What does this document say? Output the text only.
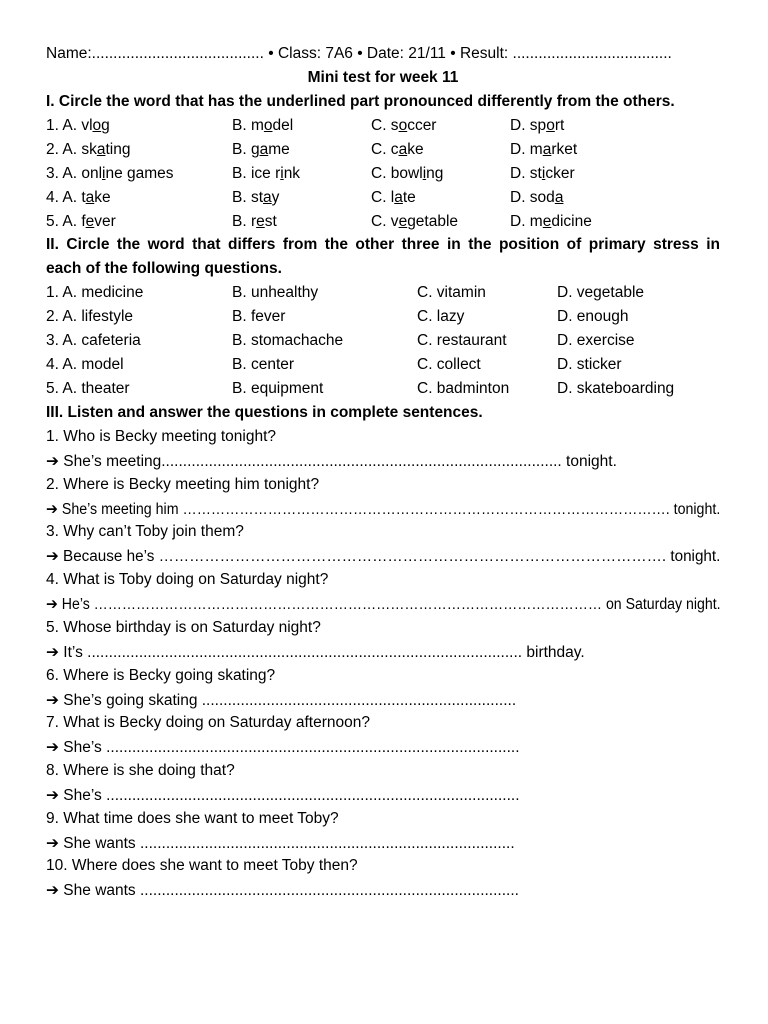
Name:........................................ • Class: 7A6 • Date: 21/11 • Result: .....................................
Mini test for week 11
I. Circle the word that has the underlined part pronounced differently from the others.
1. A. vlog	B. model	C. soccer	D. sport
2. A. skating	B. game	C. cake	D. market
3. A. online games	B. ice rink	C. bowling	D. sticker
4. A. take	B. stay	C. late	D. soda
5. A. fever	B. rest	C. vegetable	D. medicine
II. Circle the word that differs from the other three in the position of primary stress in
each of the following questions.
1. A. medicine	B. unhealthy	C. vitamin	D. vegetable
2. A. lifestyle	B. fever	C. lazy	D. enough
3. A. cafeteria	B. stomachache	C. restaurant	D. exercise
4. A. model	B. center	C. collect	D. sticker
5. A. theater	B. equipment	C. badminton	D. skateboarding
III. Listen and answer the questions in complete sentences.
1. Who is Becky meeting tonight?
➔ She’s meeting............................................................................................. tonight.
2. Where is Becky meeting him tonight?
➔ She’s meeting him …………………………………………………………………………………………. tonight.
3. Why can’t Toby join them?
➔ Because he’s ………………………………………………………………………………………. tonight.
4. What is Toby doing on Saturday night?
➔ He’s ……………………………………………………………………………………………… on Saturday night.
5. Whose birthday is on Saturday night?
➔ It’s ..................................................................................................... birthday.
6. Where is Becky going skating?
➔ She’s going skating .........................................................................
7. What is Becky doing on Saturday afternoon?
➔ She’s ................................................................................................
8. Where is she doing that?
➔ She’s ................................................................................................
9. What time does she want to meet Toby?
➔ She wants .......................................................................................
10. Where does she want to meet Toby then?
➔ She wants ........................................................................................
